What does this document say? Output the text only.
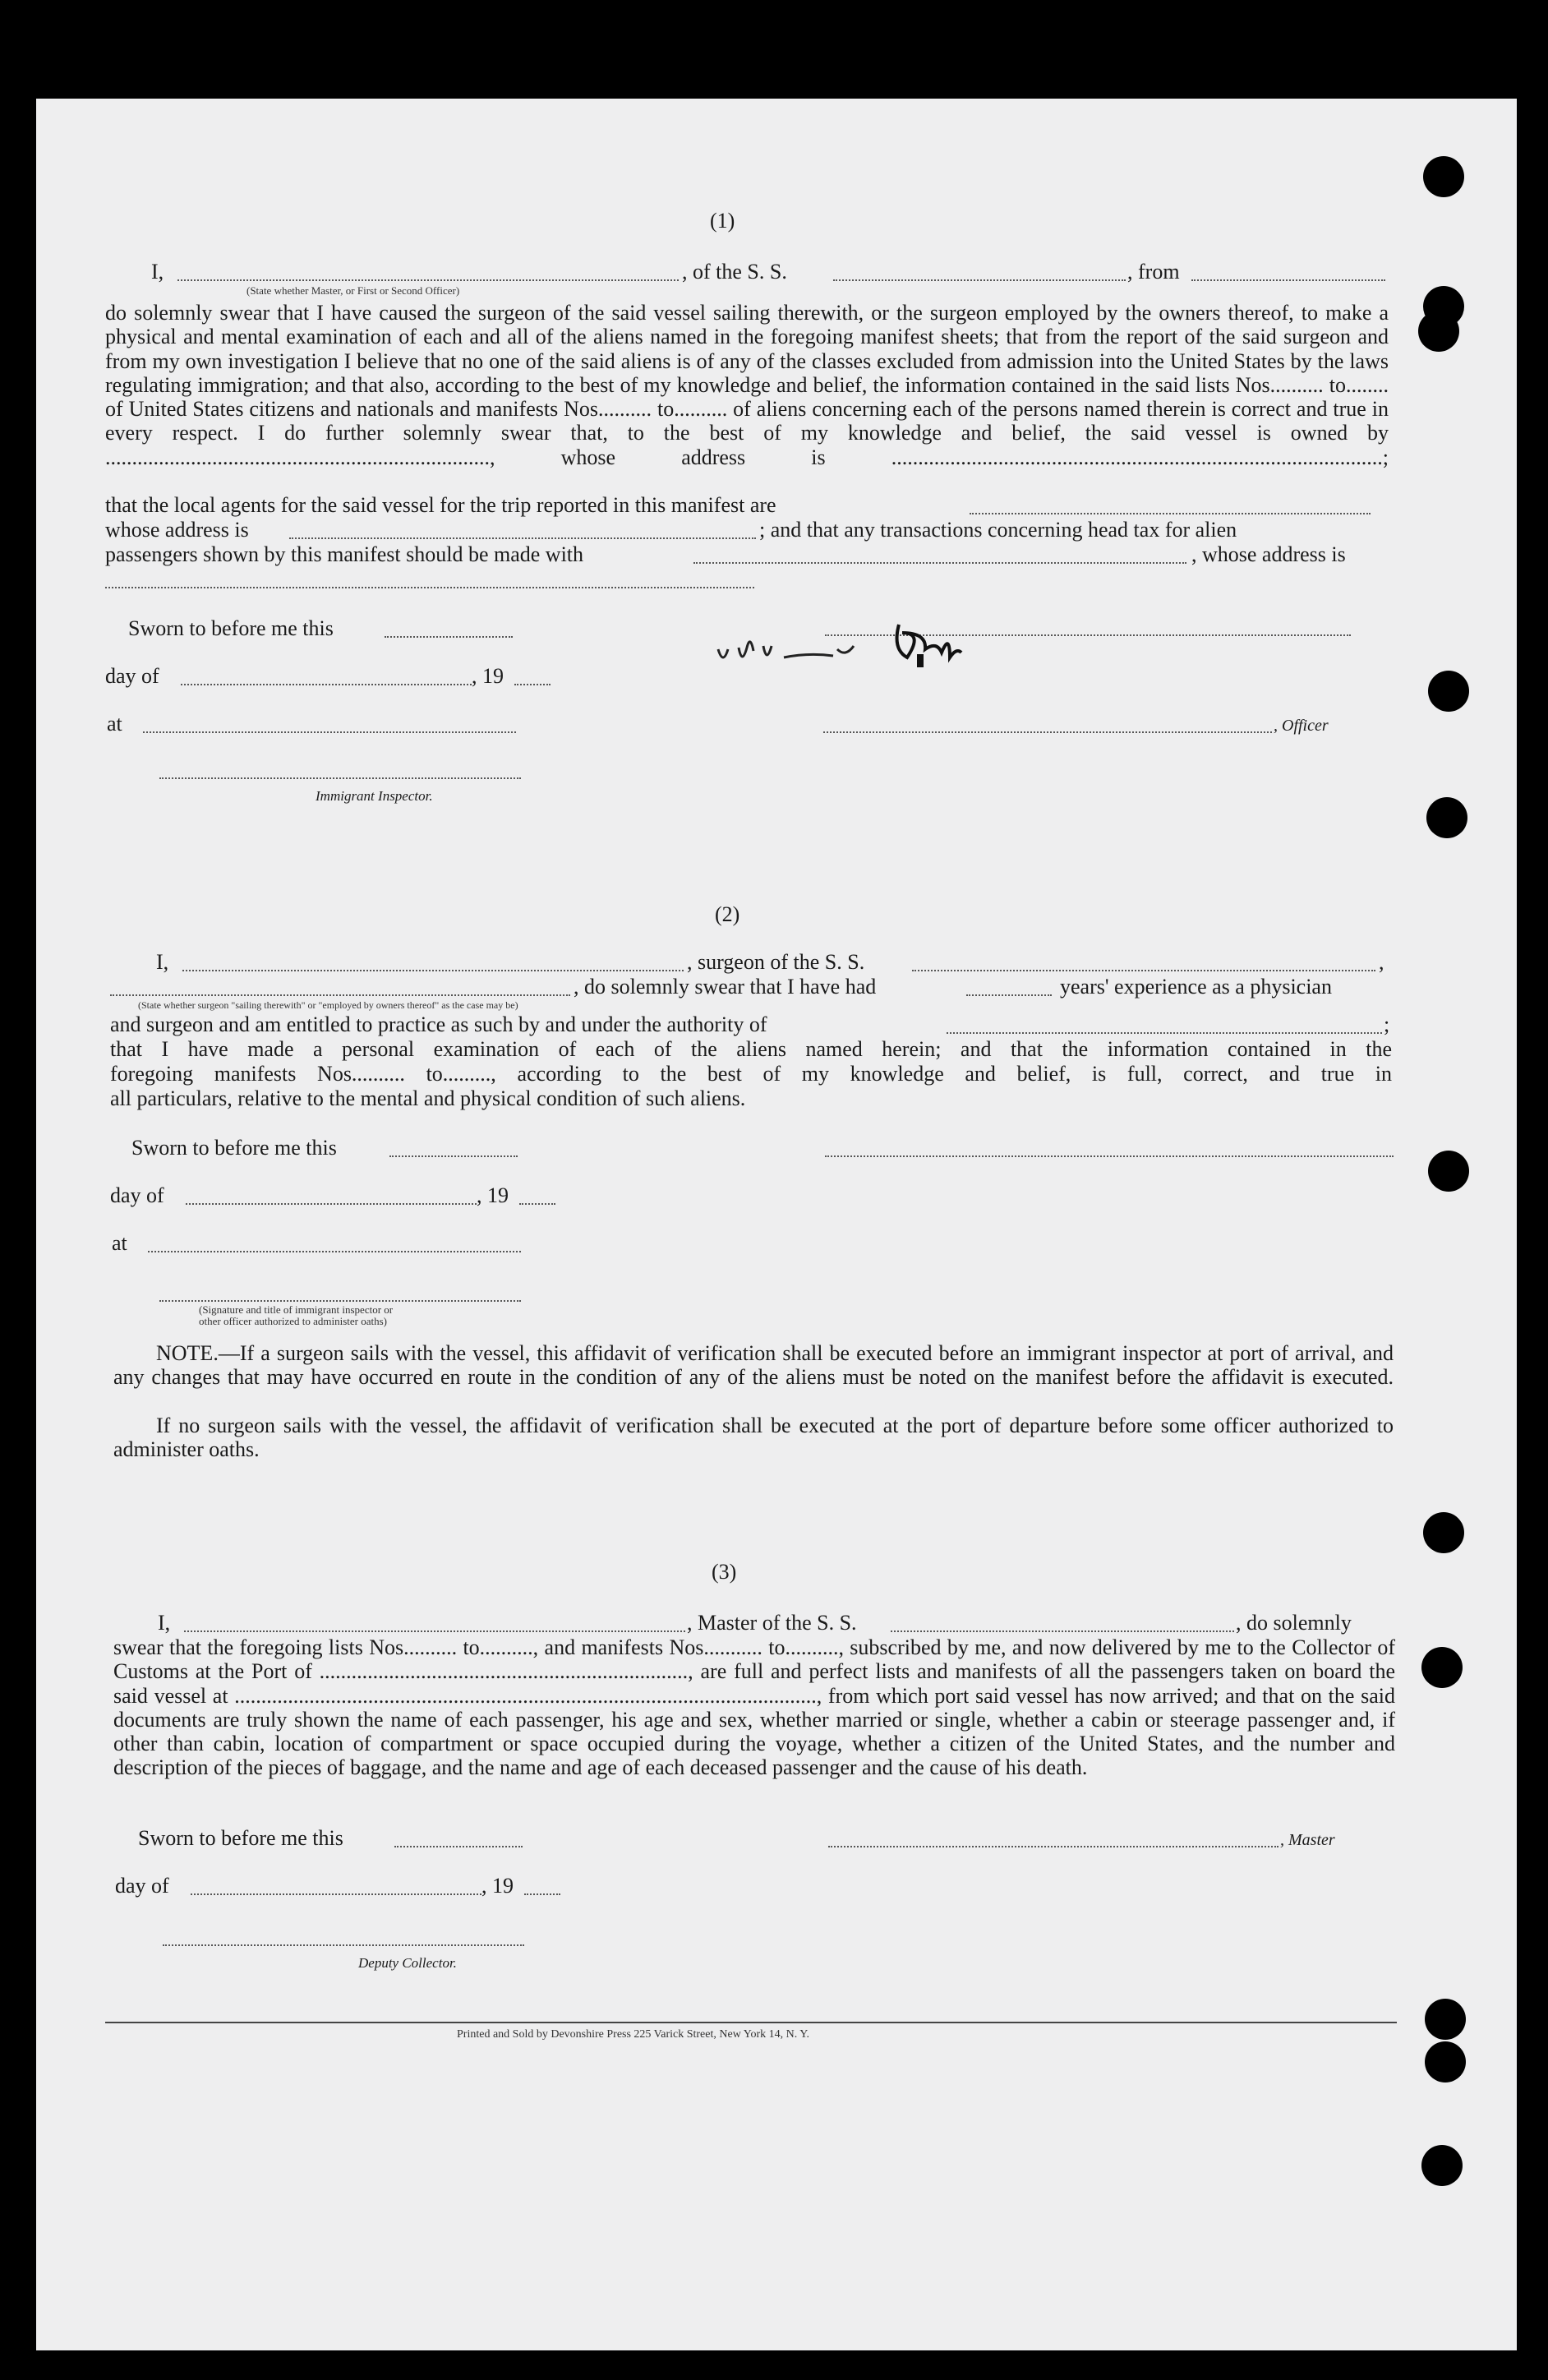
(1)
I,	, of the S. S.	, from
(State whether Master, or First or Second Officer)
do solemnly swear that I have caused the surgeon of the said vessel sailing therewith, or the surgeon employed by the owners thereof, to make a physical and mental examination of each and all of the aliens named in the foregoing manifest sheets; that from the report of the said surgeon and from my own investigation I believe that no one of the said aliens is of any of the classes excluded from admission into the United States by the laws regulating immigration; and that also, according to the best of my knowledge and belief, the information contained in the said lists Nos.......... to........ of United States citizens and nationals and manifests Nos.......... to.......... of aliens concerning each of the persons named therein is correct and true in every respect. I do further solemnly swear that, to the best of my knowledge and belief, the said vessel is owned by ........................................................................, whose address is ............................................................................................;
that the local agents for the said vessel for the trip reported in this manifest are
whose address is	; and that any transactions concerning head tax for alien
passengers shown by this manifest should be made with	, whose address is
Sworn to before me this
day of	, 19
at	, Officer
Immigrant Inspector.
(2)
I,	, surgeon of the S. S.	,
, do solemnly swear that I have had	years' experience as a physician
(State whether surgeon "sailing therewith" or "employed by owners thereof" as the case may be)
and surgeon and am entitled to practice as such by and under the authority of	;
that I have made a personal examination of each of the aliens named herein; and that the information contained in the
foregoing manifests Nos.......... to........., according to the best of my knowledge and belief, is full, correct, and true in
all particulars, relative to the mental and physical condition of such aliens.
Sworn to before me this
day of	, 19
at
(Signature and title of immigrant inspector or
other officer authorized to administer oaths)
NOTE.—If a surgeon sails with the vessel, this affidavit of verification shall be executed before an immigrant inspector at port of arrival, and any changes that may have occurred en route in the condition of any of the aliens must be noted on the manifest before the affidavit is executed.
If no surgeon sails with the vessel, the affidavit of verification shall be executed at the port of departure before some officer authorized to administer oaths.
(3)
I,	, Master of the S. S.	, do solemnly
swear that the foregoing lists Nos.......... to.........., and manifests Nos........... to.........., subscribed by me, and now delivered by me to the Collector of Customs at the Port of ....................................................................., are full and perfect lists and manifests of all the passengers taken on board the said vessel at ............................................................................................................., from which port said vessel has now arrived; and that on the said documents are truly shown the name of each passenger, his age and sex, whether married or single, whether a cabin or steerage passenger and, if other than cabin, location of compartment or space occupied during the voyage, whether a citizen of the United States, and the number and description of the pieces of baggage, and the name and age of each deceased passenger and the cause of his death.
Sworn to before me this	, Master
day of	, 19
Deputy Collector.
Printed and Sold by Devonshire Press 225 Varick Street, New York 14, N. Y.
